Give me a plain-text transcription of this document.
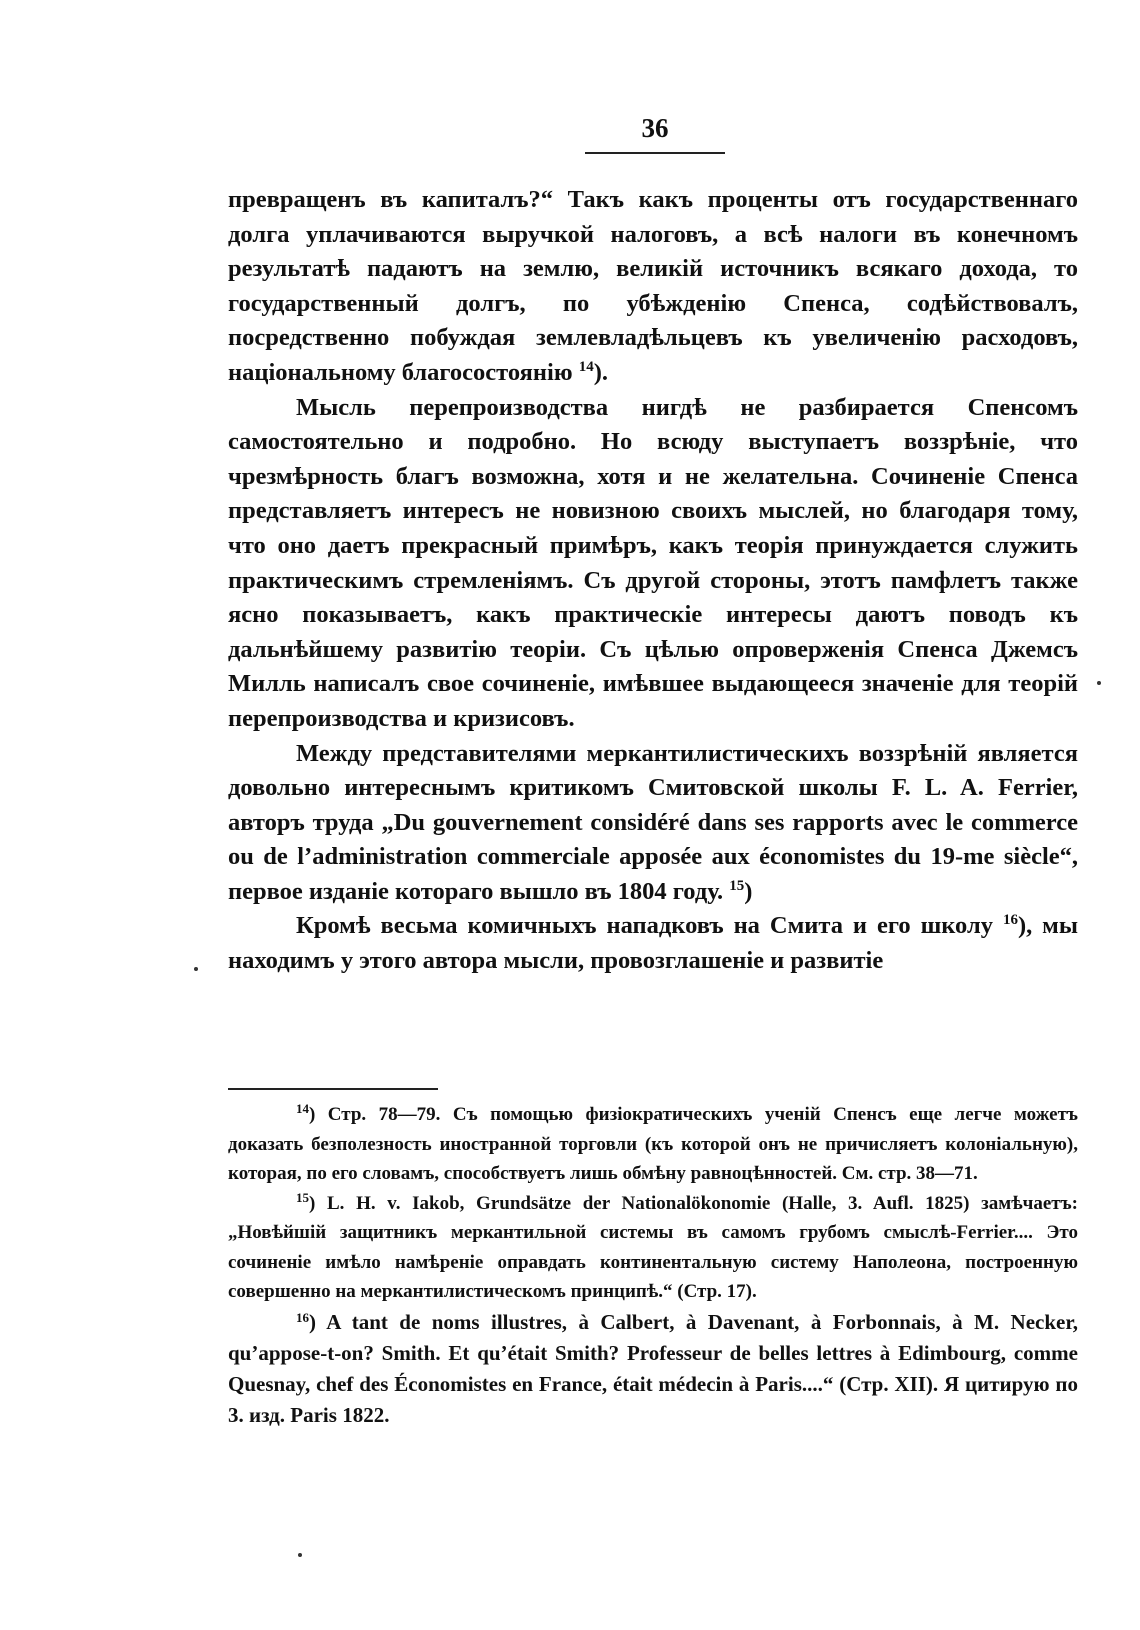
36

превращенъ въ капиталъ?“ Такъ какъ проценты отъ государственнаго долга уплачиваются выручкой налоговъ, а всѣ налоги въ конечномъ результатѣ падаютъ на землю, великій источникъ всякаго дохода, то государственный долгъ, по убѣжденію Спенса, содѣйствовалъ, посредственно побуждая землевладѣльцевъ къ увеличенію расходовъ, національному благосостоянію $^{14}$).

Мысль перепроизводства нигдѣ не разбирается Спенсомъ самостоятельно и подробно. Но всюду выступаетъ воззрѣніе, что чрезмѣрность благъ возможна, хотя и не желательна. Сочиненіе Спенса представляетъ интересъ не новизною своихъ мыслей, но благодаря тому, что оно даетъ прекрасный примѣръ, какъ теорія принуждается служить практическимъ стремленіямъ. Съ другой стороны, этотъ памфлетъ также ясно показываетъ, какъ практическіе интересы даютъ поводъ къ дальнѣйшему развитію теоріи. Съ цѣлью опроверженія Спенса Джемсъ Милль написалъ свое сочиненіе, имѣвшее выдающееся значеніе для теорій перепроизводства и кризисовъ.

Между представителями меркантилистическихъ воззрѣній является довольно интереснымъ критикомъ Смитовской школы F. L. A. Ferrier, авторъ труда „Du gouvernement considéré dans ses rapports avec le commerce ou de l’administration commerciale apposée aux économistes du 19-me siècle“, первое изданіе котораго вышло въ 1804 году. $^{15}$)

Кромѣ весьма комичныхъ нападковъ на Смита и его школу $^{16}$), мы находимъ у этого автора мысли, провозглашеніе и развитіе

$^{14}$) Стр. 78—79. Съ помощью физіократическихъ ученій Спенсъ еще легче можетъ доказать безполезность иностранной торговли (къ которой онъ не причисляетъ колоніальную), которая, по его словамъ, способствуетъ лишь обмѣну равноцѣнностей. См. стр. 38—71.

$^{15}$) L. H. v. Iakob, Grundsätze der Nationalökonomie (Halle, 3. Aufl. 1825) замѣчаетъ: „Новѣйшій защитникъ меркантильной системы въ самомъ грубомъ смыслѣ-Ferrier.... Это сочиненіе имѣло намѣреніе оправдать континентальную систему Наполеона, построенную совершенно на меркантилистическомъ принципѣ.“ (Стр. 17).

$^{16}$) A tant de noms illustres, à Calbert, à Davenant, à Forbonnais, à M. Necker, qu’appose-t-on? Smith. Et qu’était Smith? Professeur de belles lettres à Edimbourg, comme Quesnay, chef des Économistes en France, était médecin à Paris....“ (Стр. XII). Я цитирую по 3. изд. Paris 1822.
